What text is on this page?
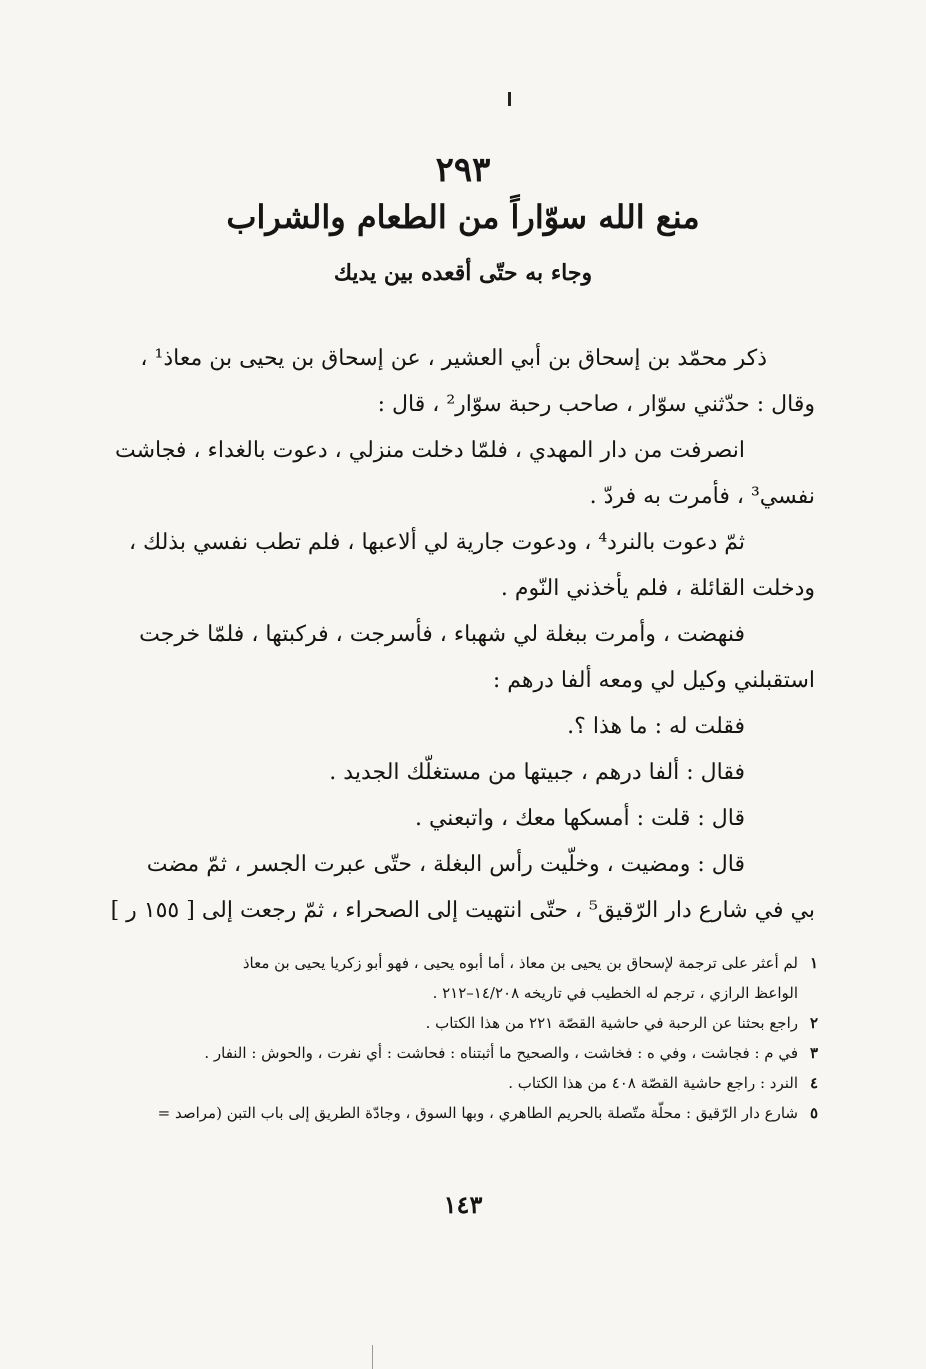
٢٩٣
منع الله سوّاراً من الطعام والشراب
وجاء به حتّى أقعده بين يديك
ذكر محمّد بن إسحاق بن أبي العشير ، عن إسحاق بن يحيى بن معاذ¹ ،
وقال : حدّثني سوّار ، صاحب رحبة سوّار² ، قال :
انصرفت من دار المهدي ، فلمّا دخلت منزلي ، دعوت بالغداء ، فجاشت
نفسي³ ، فأمرت به فردّ .
ثمّ دعوت بالنرد⁴ ، ودعوت جارية لي ألاعبها ، فلم تطب نفسي بذلك ،
ودخلت القائلة ، فلم يأخذني النّوم .
فنهضت ، وأمرت ببغلة لي شهباء ، فأسرجت ، فركبتها ، فلمّا خرجت
استقبلني وكيل لي ومعه ألفا درهم :
فقلت له : ما هذا ؟.
فقال : ألفا درهم ، جبيتها من مستغلّك الجديد .
قال : قلت : أمسكها معك ، واتبعني .
قال : ومضيت ، وخلّيت رأس البغلة ، حتّى عبرت الجسر ، ثمّ مضت
بي في شارع دار الرّقيق⁵ ، حتّى انتهيت إلى الصحراء ، ثمّ رجعت إلى [ ١٥٥ ر ]
١
لم أعثر على ترجمة لإسحاق بن يحيى بن معاذ ، أما أبوه يحيى ، فهو أبو زكريا يحيى بن معاذ
الواعظ الرازي ، ترجم له الخطيب في تاريخه ١٤/٢٠٨–٢١٢ .
٢
راجع بحثنا عن الرحبة في حاشية القصّة ٢٢١ من هذا الكتاب .
٣
في م : فجاشت ، وفي ه : فخاشت ، والصحيح ما أثبتناه : فحاشت : أي نفرت ، والحوش : النفار .
٤
النرد : راجع حاشية القصّة ٤٠٨ من هذا الكتاب .
٥
شارع دار الرّقيق : محلّة متّصلة بالحريم الطاهري ، وبها السوق ، وجادّة الطريق إلى باب التبن (مراصد =
١٤٣
